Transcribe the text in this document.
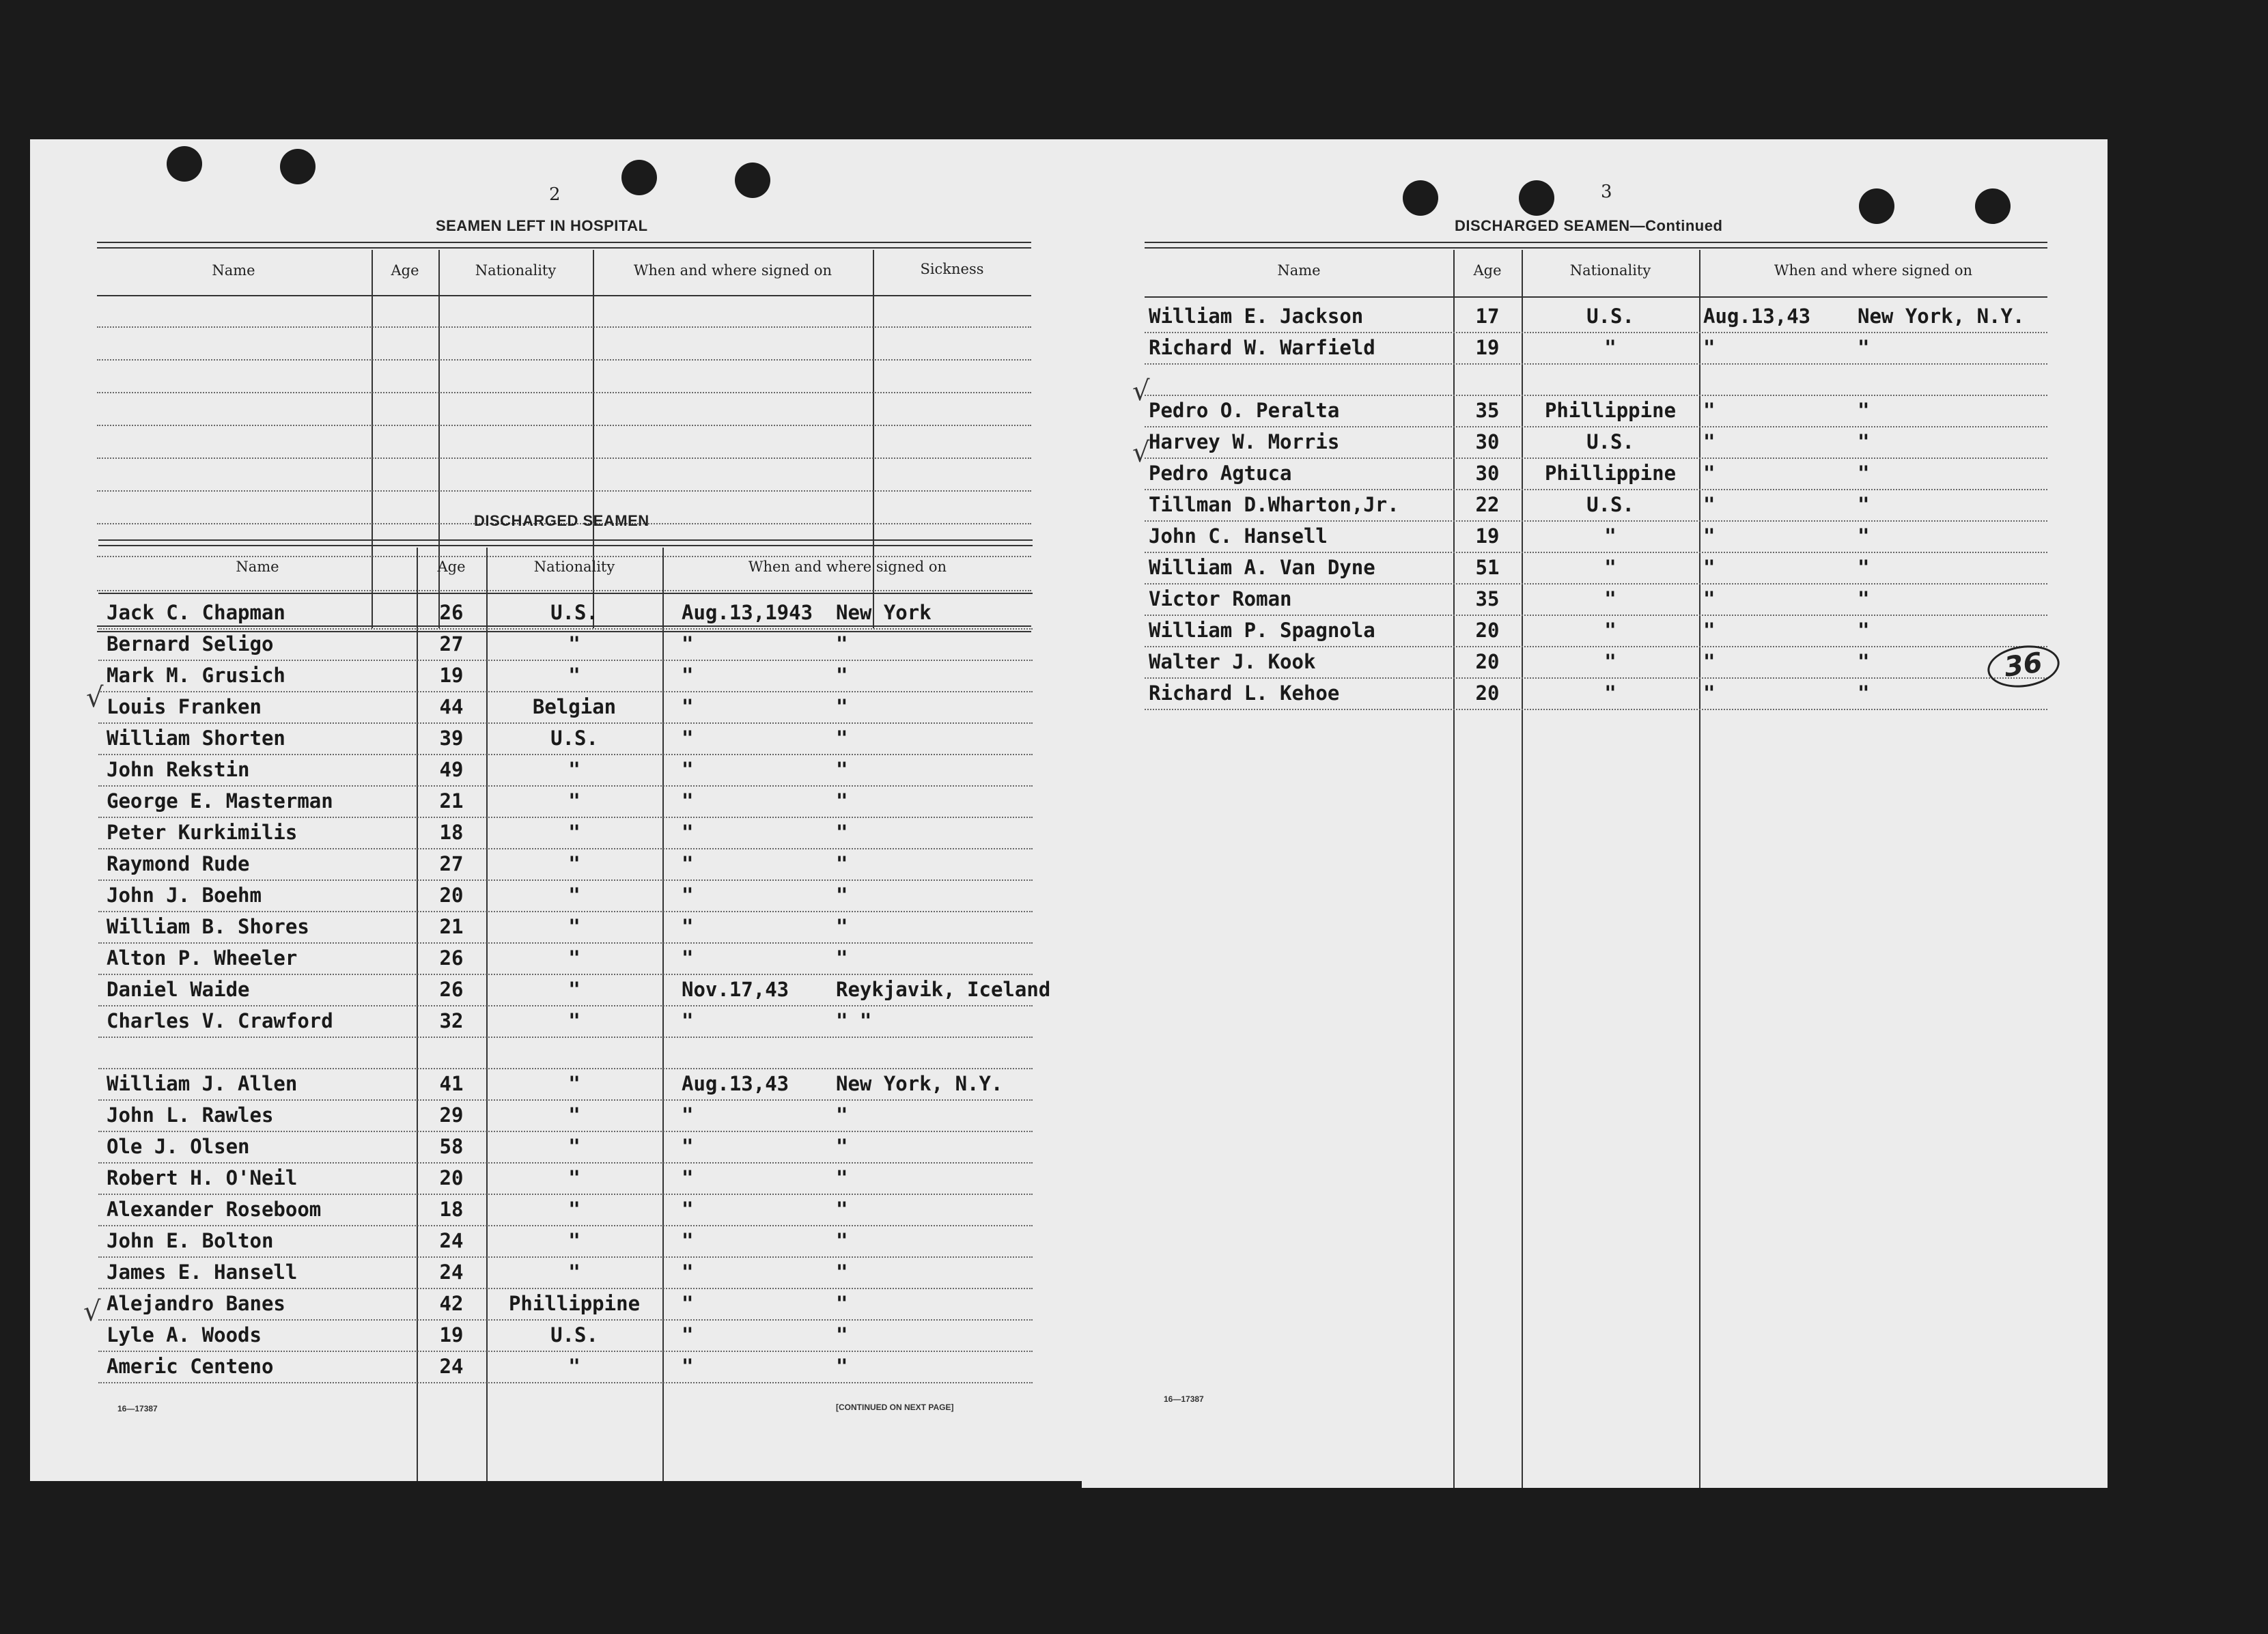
2
SEAMEN LEFT IN HOSPITAL
Name	Age	Nationality	When and where signed on	Sickness
DISCHARGED SEAMEN
Name	Age	Nationality	When and where signed on
Jack C. Chapman	26	U.S.	Aug.13,1943 New York
Bernard Seligo	27	"	"	"
Mark M. Grusich	19	"	"	"
Louis Franken	44	Belgian	"	"
William Shorten	39	U.S.	"	"
John Rekstin	49	"	"	"
George E. Masterman	21	"	"	"
Peter Kurkimilis	18	"	"	"
Raymond Rude	27	"	"	"
John J. Boehm	20	"	"	"
William B. Shores	21	"	"	"
Alton P. Wheeler	26	"	"	"
Daniel Waide	26	"	Nov.17,43 Reykjavik, Iceland
Charles V. Crawford	32	"	"	" "
William J. Allen	41	"	Aug.13,43 New York, N.Y.
John L. Rawles	29	"	"	"
Ole J. Olsen	58	"	"	"
Robert H. O'Neil	20	"	"	"
Alexander Roseboom	18	"	"	"
John E. Bolton	24	"	"	"
James E. Hansell	24	"	"	"
Alejandro Banes	42	Phillippine	"	"
Lyle A. Woods	19	U.S.	"	"
Americ Centeno	24	"	"	"
√
√
16—17387	[CONTINUED ON NEXT PAGE]
3
DISCHARGED SEAMEN—Continued
Name	Age	Nationality	When and where signed on
William E. Jackson	17	U.S.	Aug.13,43 New York, N.Y.
Richard W. Warfield	19	"	"	"
Pedro O. Peralta	35	Phillippine	"	"
Harvey W. Morris	30	U.S.	"	"
Pedro Agtuca	30	Phillippine	"	"
Tillman D.Wharton,Jr.	22	U.S.	"	"
John C. Hansell	19	"	"	"
William A. Van Dyne	51	"	"	"
Victor Roman	35	"	"	"
William P. Spagnola	20	"	"	"
Walter J. Kook	20	"	"	"
Richard L. Kehoe	20	"	"	"
√
√
36
16—17387
